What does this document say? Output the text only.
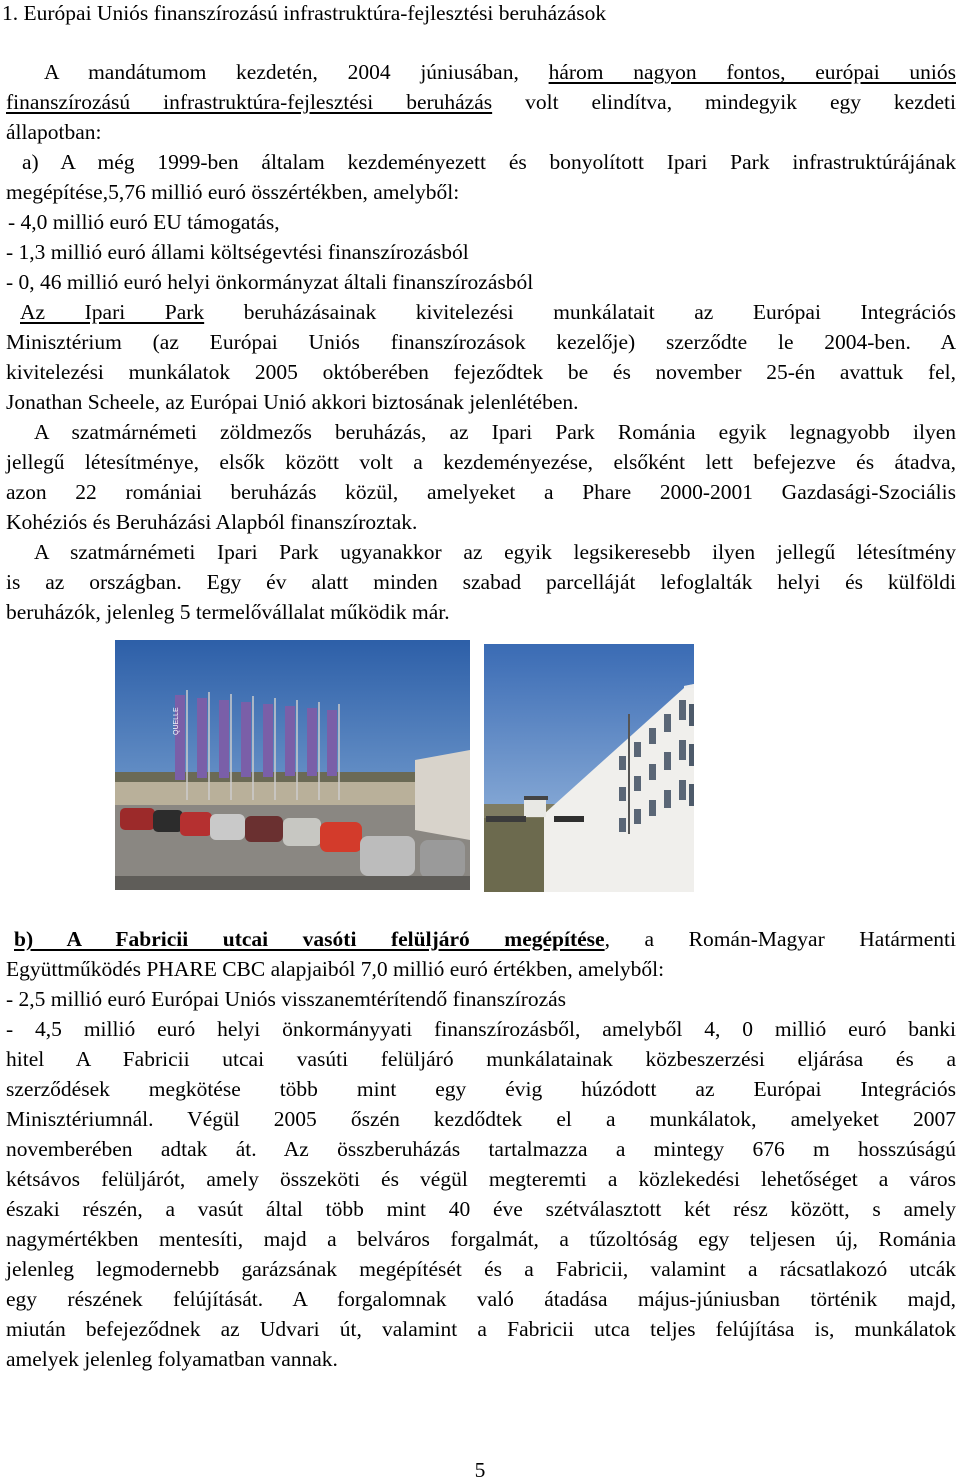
1. Európai Uniós finanszírozású infrastruktúra-fejlesztési beruházások
A mandátumom kezdetén, 2004 júniusában, három nagyon fontos, európai uniós
finanszírozású infrastruktúra-fejlesztési beruházás volt elindítva, mindegyik egy kezdeti
állapotban:
a) A még 1999-ben általam kezdeményezett és bonyolított Ipari Park infrastruktúrájának
megépítése,5,76 millió euró összértékben, amelyből:
- 4,0 millió euró EU támogatás,
- 1,3 millió euró állami költségevtési finanszírozásból
- 0, 46 millió euró helyi önkormányzat általi finanszírozásból
Az Ipari Park beruházásainak kivitelezési munkálatait az Európai Integrációs
Minisztérium (az Európai Uniós finanszírozások kezelője) szerződte le 2004-ben. A
kivitelezési munkálatok 2005 októberében fejeződtek be és november 25-én avattuk fel,
Jonathan Scheele, az Európai Unió akkori biztosának jelenlétében.
A szatmárnémeti zöldmezős beruházás, az Ipari Park Románia egyik legnagyobb ilyen
jellegű létesítménye, elsők között volt a kezdeményezése, elsőként lett befejezve és átadva,
azon 22 romániai beruházás közül, amelyeket a Phare 2000-2001 Gazdasági-Szociális
Kohéziós és Beruházási Alapból finanszíroztak.
A szatmárnémeti Ipari Park ugyanakkor az egyik legsikeresebb ilyen jellegű létesítmény
is az országban. Egy év alatt minden szabad parcelláját lefoglalták helyi és külföldi
beruházók, jelenleg 5 termelővállalat működik már.
QUELLE
b) A Fabricii utcai vasóti felüljáró megépítése, a Román-Magyar Határmenti
Együttműködés PHARE CBC alapjaiból 7,0 millió euró értékben, amelyből:
- 2,5 millió euró Európai Uniós visszanemtérítendő finanszírozás
- 4,5 millió euró helyi önkormányyati finanszírozásből, amelyből 4, 0 millió euró banki
hitel A Fabricii utcai vasúti felüljáró munkálatainak közbeszerzési eljárása és a
szerződések megkötése több mint egy évig húzódott az Európai Integrációs
Minisztériumnál. Végül 2005 őszén kezdődtek el a munkálatok, amelyeket 2007
novemberében adtak át. Az összberuházás tartalmazza a mintegy 676 m hosszúságú
kétsávos felüljárót, amely összeköti és végül megteremti a közlekedési lehetőséget a város
északi részén, a vasút által több mint 40 éve szétválasztott két rész között, s amely
nagymértékben mentesíti, majd a belváros forgalmát, a tűzoltóság egy teljesen új, Románia
jelenleg legmodernebb garázsának megépítését és a Fabricii, valamint a rácsatlakozó utcák
egy részének felújítását. A forgalomnak való átadása május-júniusban történik majd,
miután befejeződnek az Udvari út, valamint a Fabricii utca teljes felújítása is, munkálatok
amelyek jelenleg folyamatban vannak.
5
